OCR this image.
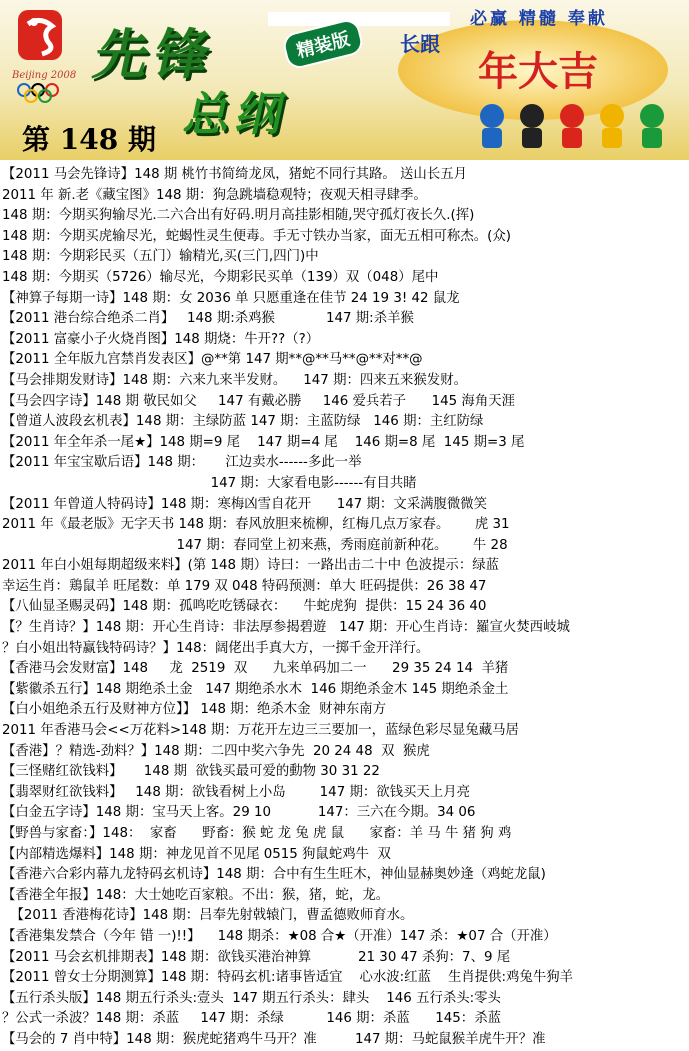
Beijing 2008 先锋
总纲
精装版
必赢 精髓 奉献
长跟
年大吉
第 148 期
【2011 马会先锋诗】148 期 桃竹书简绮龙凤，猪蛇不同行其路。 送山长五月
2011 年 新.老《藏宝图》148 期：狗急跳墙稳观特；夜观天相寻肆季。
148 期：今期买狗输尽光.二六合出有好码.明月高挂影相随,哭守孤灯夜长久.(挥)
148 期：今期买虎输尽光，蛇蝎性灵生便毒。手无寸铁办当家，面无五相可称杰。(众)
148 期：今期彩民买（五门）输精光,买(三门,四门)中
148 期：今期买（5726）输尽光，今期彩民买单（139）双（048）尾中
【神算子每期一诗】148 期：女 2036 单 只愿重逢在佳节 24 19 3! 42 鼠龙
【2011 港台综合绝杀二肖】   148 期:杀鸡猴            147 期:杀羊猴
【2011 富豪小子火烧肖图】148 期烧：牛开??（?）
【2011 全年版九宫禁肖发表区】@**第 147 期**@**马**@**对**@
【马会排期发财诗】148 期：六来九来半发财。    147 期：四来五来猴发财。
【马会四字诗】148 期 敬民如父     147 有戴必勝     146 爱兵若子      145 海角天涯
【曾道人波段玄机表】148 期：主绿防蓝 147 期：主蓝防绿   146 期：主红防绿
【2011 年全年杀一尾★】148 期=9 尾    147 期=4 尾    146 期=8 尾  145 期=3 尾
【2011 年宝宝歇后语】148 期：     江边卖水------多此一举
147 期：大家看电影------有目共睹
【2011 年曾道人特码诗】148 期：寒梅凶雪自花开      147 期：文采满腹微微笑
2011 年《最老版》无字天书 148 期：春风放胆来梳柳，红梅几点万家春。      虎 31
147 期：春同堂上初来燕，秀雨庭前新种花。      牛 28
2011 年白小姐每期超级来料】(第 148 期）诗曰：一路出击二十中 色波提示：绿蓝
幸运生肖：鶏鼠羊 旺尾数：单 179 双 048 特码预测：单大 旺码提供：26 38 47
【八仙显圣赐灵码】148 期：孤鸣吃吃锈碌衣：    牛蛇虎狗  提供：15 24 36 40
【？生肖诗？】148 期：开心生肖诗：非法厚参揭碧遊   147 期：开心生肖诗：羅宣火焚西岐城
？白小姐出特赢钱特码诗？】148：阔佬出手真大方，一掷千金开洋行。
【香港马会发财富】148     龙  2519  双      九来单码加二一      29 35 24 14  羊猪
【紫徽杀五行】148 期绝杀土金   147 期绝杀水木  146 期绝杀金木 145 期绝杀金土
【白小姐绝杀五行及财神方位】】 148 期：绝杀木金  财神东南方
2011 年香港马会<<万花料>148 期：万花开左边三三要加一，蓝绿色彩尽显兔藏马居
【香港】？精选-劲料？】148 期：二四中奖六争先  20 24 48  双  猴虎
【三怪赌红欲钱料】     148 期  欲钱买最可爱的動物 30 31 22
【翡翠财红欲钱料】   148 期：欲钱看树上小岛        147 期：欲钱买天上月亮
【白金五字诗】148 期：宝马天上客。29 10           147：三六在今期。34 06
【野兽与家畜：】148：  家畜      野畜：猴 蛇 龙 兔 虎 鼠      家畜：羊 马 牛 猪 狗 鸡
【内部精选爆料】148 期：神龙见首不见尾 0515 狗鼠蛇鸡牛  双
【香港六合彩内幕九龙特码玄机诗】148 期：合中有生生旺木，神仙显赫奥妙逢（鸡蛇龙鼠)
【香港全年报】148：大士她吃百家粮。不出：猴，猪，蛇，龙。
【2011 香港梅花诗】148 期：吕奉先射戟辕门，曹孟德败师育水。
【香港集发禁合（今年 错 一)!!】    148 期杀：★08 合★（开准）147 杀：★07 合（开准）
【2011 马会玄机排期表】148 期：欲钱买港治神算           21 30 47 杀狗：7、9 尾
【2011 曾女士分期测算】148 期：特码玄机:诸事皆适宜    心水波:红蓝    生肖提供:鸡兔牛狗羊
【五行杀头版】148 期五行杀头:壹头  147 期五行杀头：肆头    146 五行杀头:零头
？公式一杀波？148 期：杀蓝     147 期：杀绿          146 期：杀蓝      145：杀蓝
【马会的 7 肖中特】148 期：猴虎蛇猪鸡牛马开？准         147 期：马蛇鼠猴羊虎牛开？准
